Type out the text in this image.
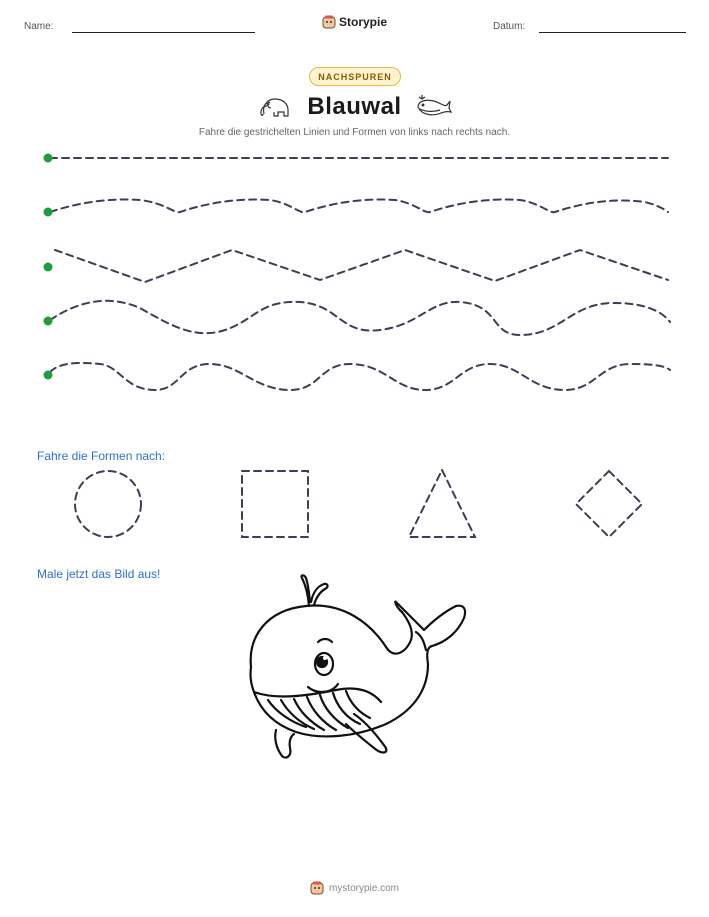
Name:	Storypie	Datum:
NACHSPUREN
Blauwal
Fahre die gestrichelten Linien und Formen von links nach rechts nach.
Fahre die Formen nach:
Male jetzt das Bild aus!
mystorypie.com
